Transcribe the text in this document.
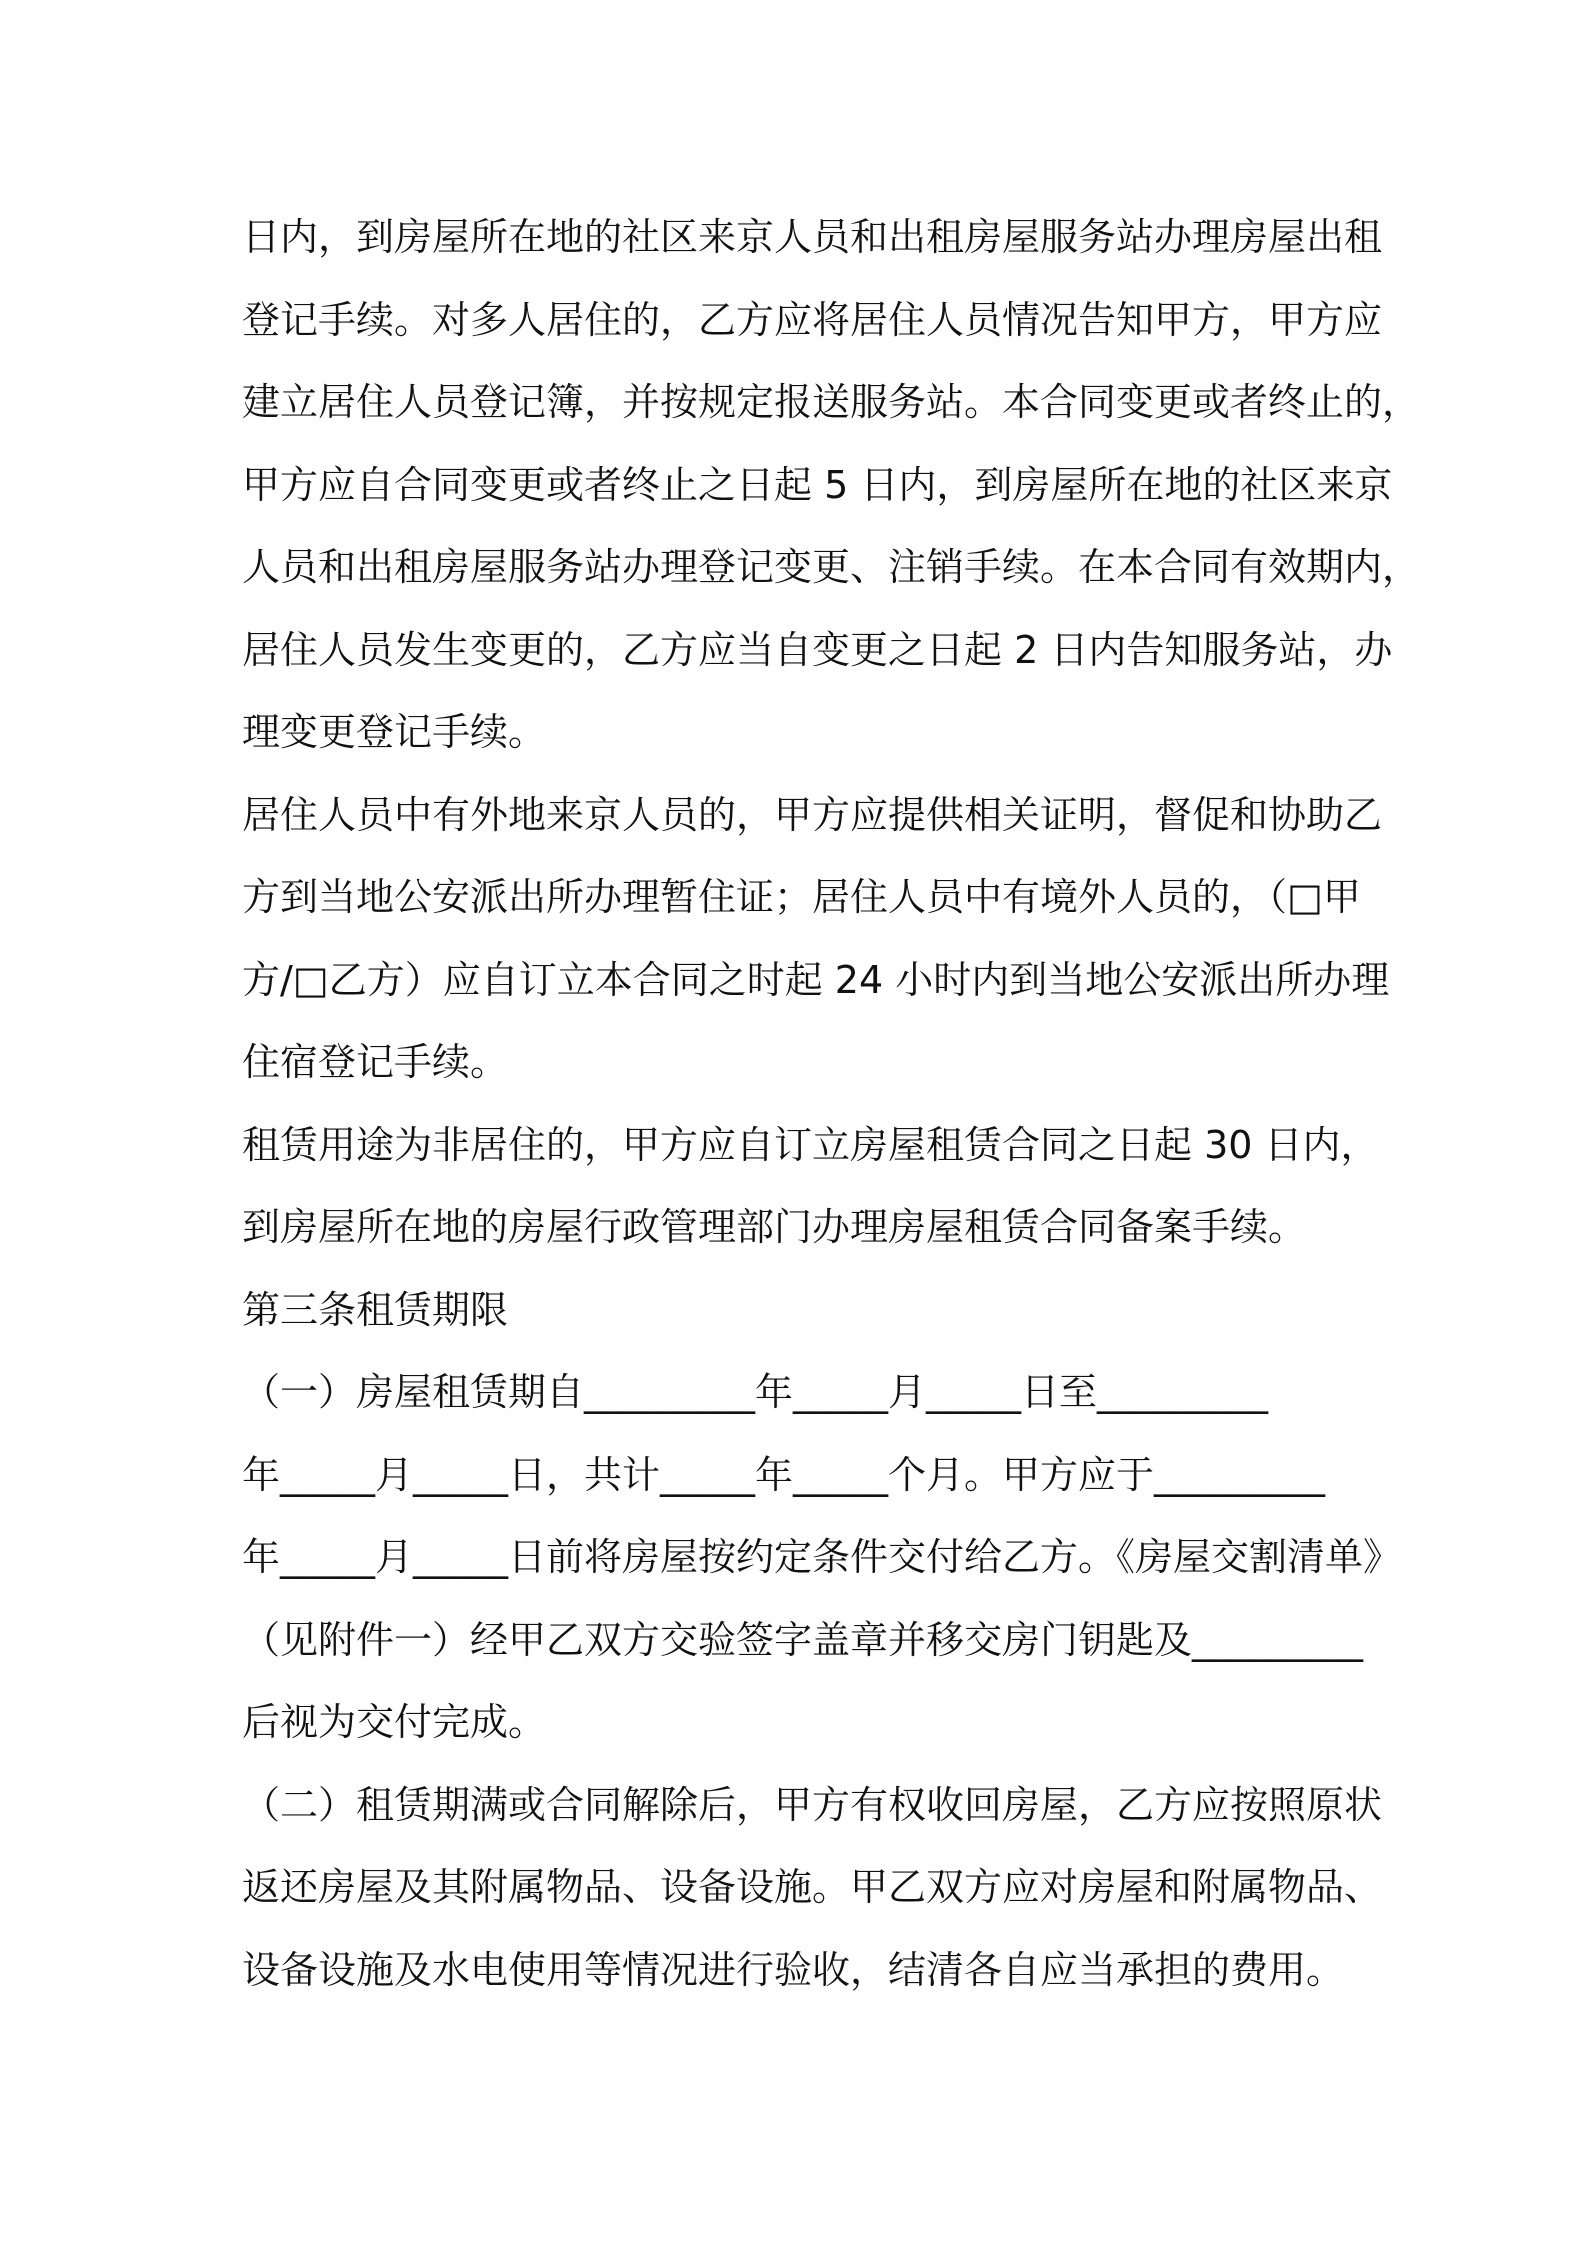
日内，到房屋所在地的社区来京人员和出租房屋服务站办理房屋出租
登记手续。对多人居住的，乙方应将居住人员情况告知甲方，甲方应
建立居住人员登记簿，并按规定报送服务站。本合同变更或者终止的，
甲方应自合同变更或者终止之日起 5 日内，到房屋所在地的社区来京
人员和出租房屋服务站办理登记变更、注销手续。在本合同有效期内，
居住人员发生变更的，乙方应当自变更之日起 2 日内告知服务站，办
理变更登记手续。
居住人员中有外地来京人员的，甲方应提供相关证明，督促和协助乙
方到当地公安派出所办理暂住证；居住人员中有境外人员的，（□甲
方/□乙方）应自订立本合同之时起 24 小时内到当地公安派出所办理
住宿登记手续。
租赁用途为非居住的，甲方应自订立房屋租赁合同之日起 30 日内，
到房屋所在地的房屋行政管理部门办理房屋租赁合同备案手续。
第三条租赁期限
（一）房屋租赁期自_________年_____月_____日至_________
年_____月_____日，共计_____年_____个月。甲方应于_________
年_____月_____日前将房屋按约定条件交付给乙方。《房屋交割清单》
（见附件一）经甲乙双方交验签字盖章并移交房门钥匙及_________
后视为交付完成。
（二）租赁期满或合同解除后，甲方有权收回房屋，乙方应按照原状
返还房屋及其附属物品、设备设施。甲乙双方应对房屋和附属物品、
设备设施及水电使用等情况进行验收，结清各自应当承担的费用。
